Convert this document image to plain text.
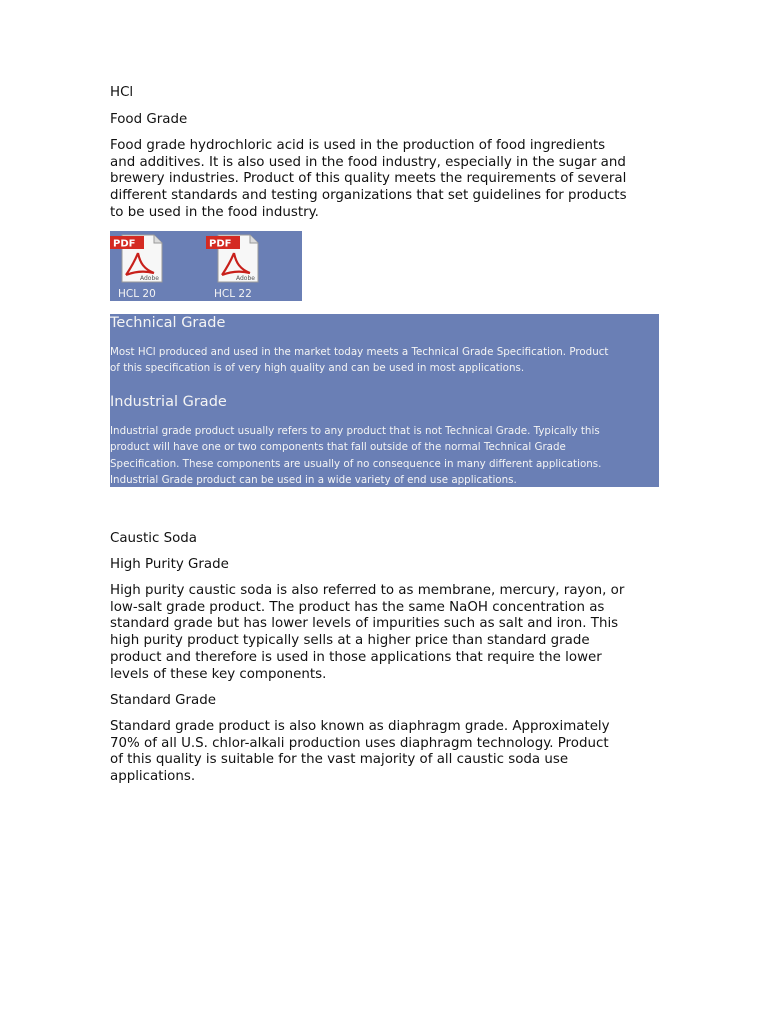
HCl

Food Grade

Food grade hydrochloric acid is used in the production of food ingredients
and additives. It is also used in the food industry, especially in the sugar and
brewery industries. Product of this quality meets the requirements of several
different standards and testing organizations that set guidelines for products
to be used in the food industry.
PDF
Adobe
HCL 20
PDF
Adobe
HCL 22
Technical Grade
Most HCl produced and used in the market today meets a Technical Grade Specification. Product
of this specification is of very high quality and can be used in most applications.
Industrial Grade
Industrial grade product usually refers to any product that is not Technical Grade. Typically this
product will have one or two components that fall outside of the normal Technical Grade
Specification. These components are usually of no consequence in many different applications.
Industrial Grade product can be used in a wide variety of end use applications.

Caustic Soda

High Purity Grade

High purity caustic soda is also referred to as membrane, mercury, rayon, or
low-salt grade product. The product has the same NaOH concentration as
standard grade but has lower levels of impurities such as salt and iron. This
high purity product typically sells at a higher price than standard grade
product and therefore is used in those applications that require the lower
levels of these key components.

Standard Grade

Standard grade product is also known as diaphragm grade. Approximately
70% of all U.S. chlor-alkali production uses diaphragm technology. Product
of this quality is suitable for the vast majority of all caustic soda use
applications.
